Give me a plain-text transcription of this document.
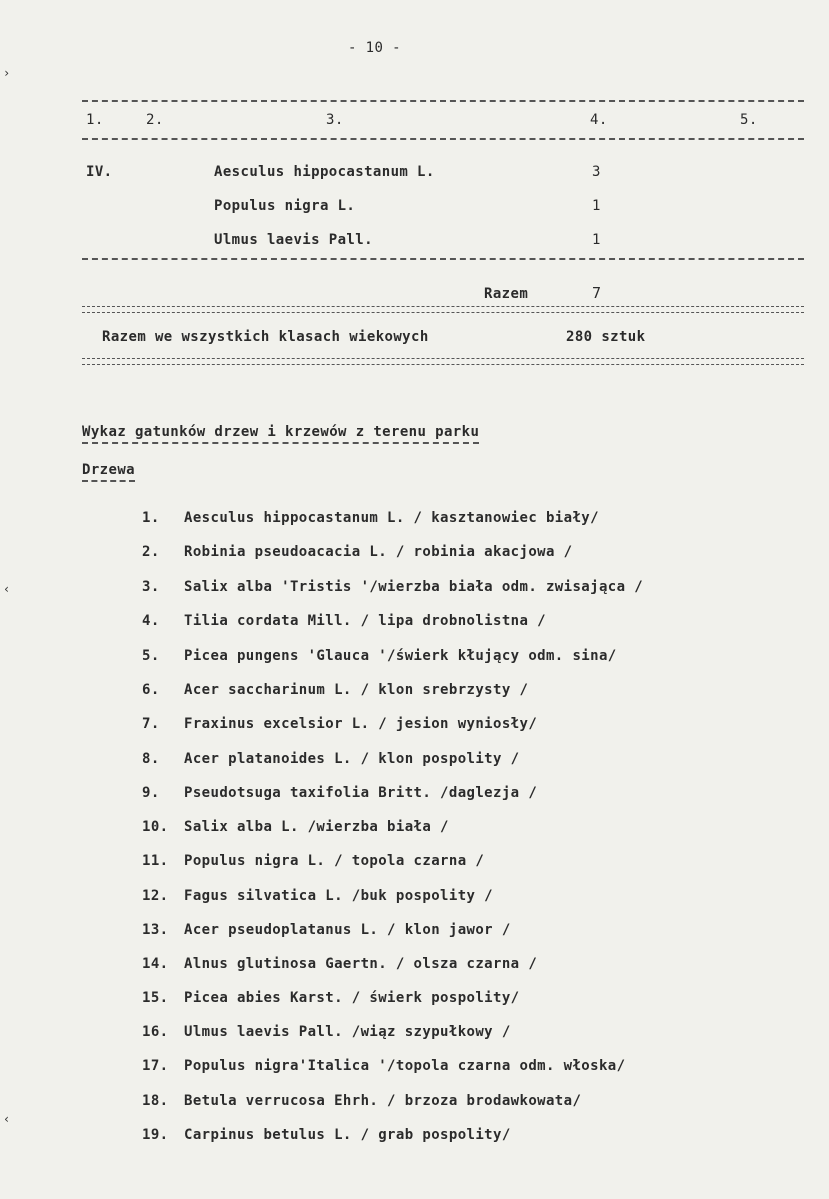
›
‹
‹
- 10 -
1.	2.	3.	4.	5.
IV.	Aesculus hippocastanum L.	3
Populus nigra L.	1
Ulmus laevis Pall.	1
Razem	7
Razem we wszystkich klasach wiekowych	280 sztuk
Wykaz gatunków drzew i krzewów z terenu parku
Drzewa
1. Aesculus hippocastanum L. / kasztanowiec biały/
2. Robinia pseudoacacia L. / robinia akacjowa /
3. Salix alba 'Tristis '/wierzba biała odm. zwisająca /
4. Tilia cordata Mill. / lipa drobnolistna /
5. Picea pungens 'Glauca '/świerk kłujący odm. sina/
6. Acer saccharinum L. / klon srebrzysty /
7. Fraxinus excelsior L. / jesion wyniosły/
8. Acer platanoides L. / klon pospolity /
9. Pseudotsuga taxifolia Britt. /daglezja /
10. Salix alba L. /wierzba biała /
11. Populus nigra L. / topola czarna /
12. Fagus silvatica L. /buk pospolity /
13. Acer pseudoplatanus L. / klon jawor /
14. Alnus glutinosa Gaertn. / olsza czarna /
15. Picea abies Karst. / świerk pospolity/
16. Ulmus laevis Pall. /wiąz szypułkowy /
17. Populus nigra'Italica '/topola czarna odm. włoska/
18. Betula verrucosa Ehrh. / brzoza brodawkowata/
19. Carpinus betulus L. / grab pospolity/
